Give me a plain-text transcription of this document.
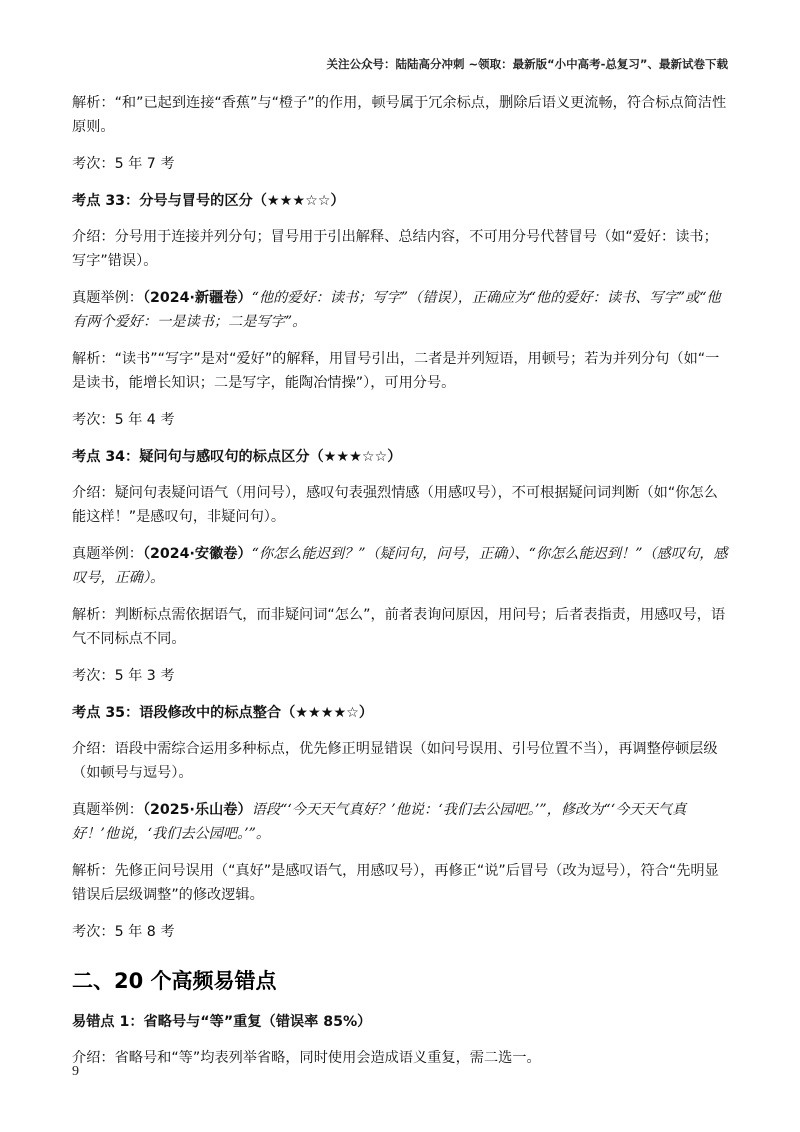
关注公众号：陆陆高分冲刺 ~领取：最新版“小中高考-总复习”、最新试卷下载

解析：“和”已起到连接“香蕉”与“橙子”的作用，顿号属于冗余标点，删除后语义更流畅，符合标点简洁性原则。

考次：5 年 7 考

考点 33：分号与冒号的区分（★★★☆☆）

介绍：分号用于连接并列分句；冒号用于引出解释、总结内容，不可用分号代替冒号（如“爱好：读书；写字”错误）。

真题举例：（2024·新疆卷）“他的爱好：读书；写字”（错误），正确应为“他的爱好：读书、写字”或“他有两个爱好：一是读书；二是写字”。

解析：“读书”“写字”是对“爱好”的解释，用冒号引出，二者是并列短语，用顿号；若为并列分句（如“一是读书，能增长知识；二是写字，能陶冶情操”），可用分号。

考次：5 年 4 考

考点 34：疑问句与感叹句的标点区分（★★★☆☆）

介绍：疑问句表疑问语气（用问号），感叹句表强烈情感（用感叹号），不可根据疑问词判断（如“你怎么能这样！”是感叹句，非疑问句）。

真题举例：（2024·安徽卷）“你怎么能迟到？”（疑问句，问号，正确）、“你怎么能迟到！”（感叹句，感叹号，正确）。

解析：判断标点需依据语气，而非疑问词“怎么”，前者表询问原因，用问号；后者表指责，用感叹号，语气不同标点不同。

考次：5 年 3 考

考点 35：语段修改中的标点整合（★★★★☆）

介绍：语段中需综合运用多种标点，优先修正明显错误（如问号误用、引号位置不当），再调整停顿层级（如顿号与逗号）。

真题举例：（2025·乐山卷）语段“‘今天天气真好？’他说：‘我们去公园吧。’”，修改为“‘今天天气真好！’他说，‘我们去公园吧。’”。

解析：先修正问号误用（“真好”是感叹语气，用感叹号），再修正“说”后冒号（改为逗号），符合“先明显错误后层级调整”的修改逻辑。

考次：5 年 8 考

二、20 个高频易错点

易错点 1：省略号与“等”重复（错误率 85%）

介绍：省略号和“等”均表列举省略，同时使用会造成语义重复，需二选一。

9
